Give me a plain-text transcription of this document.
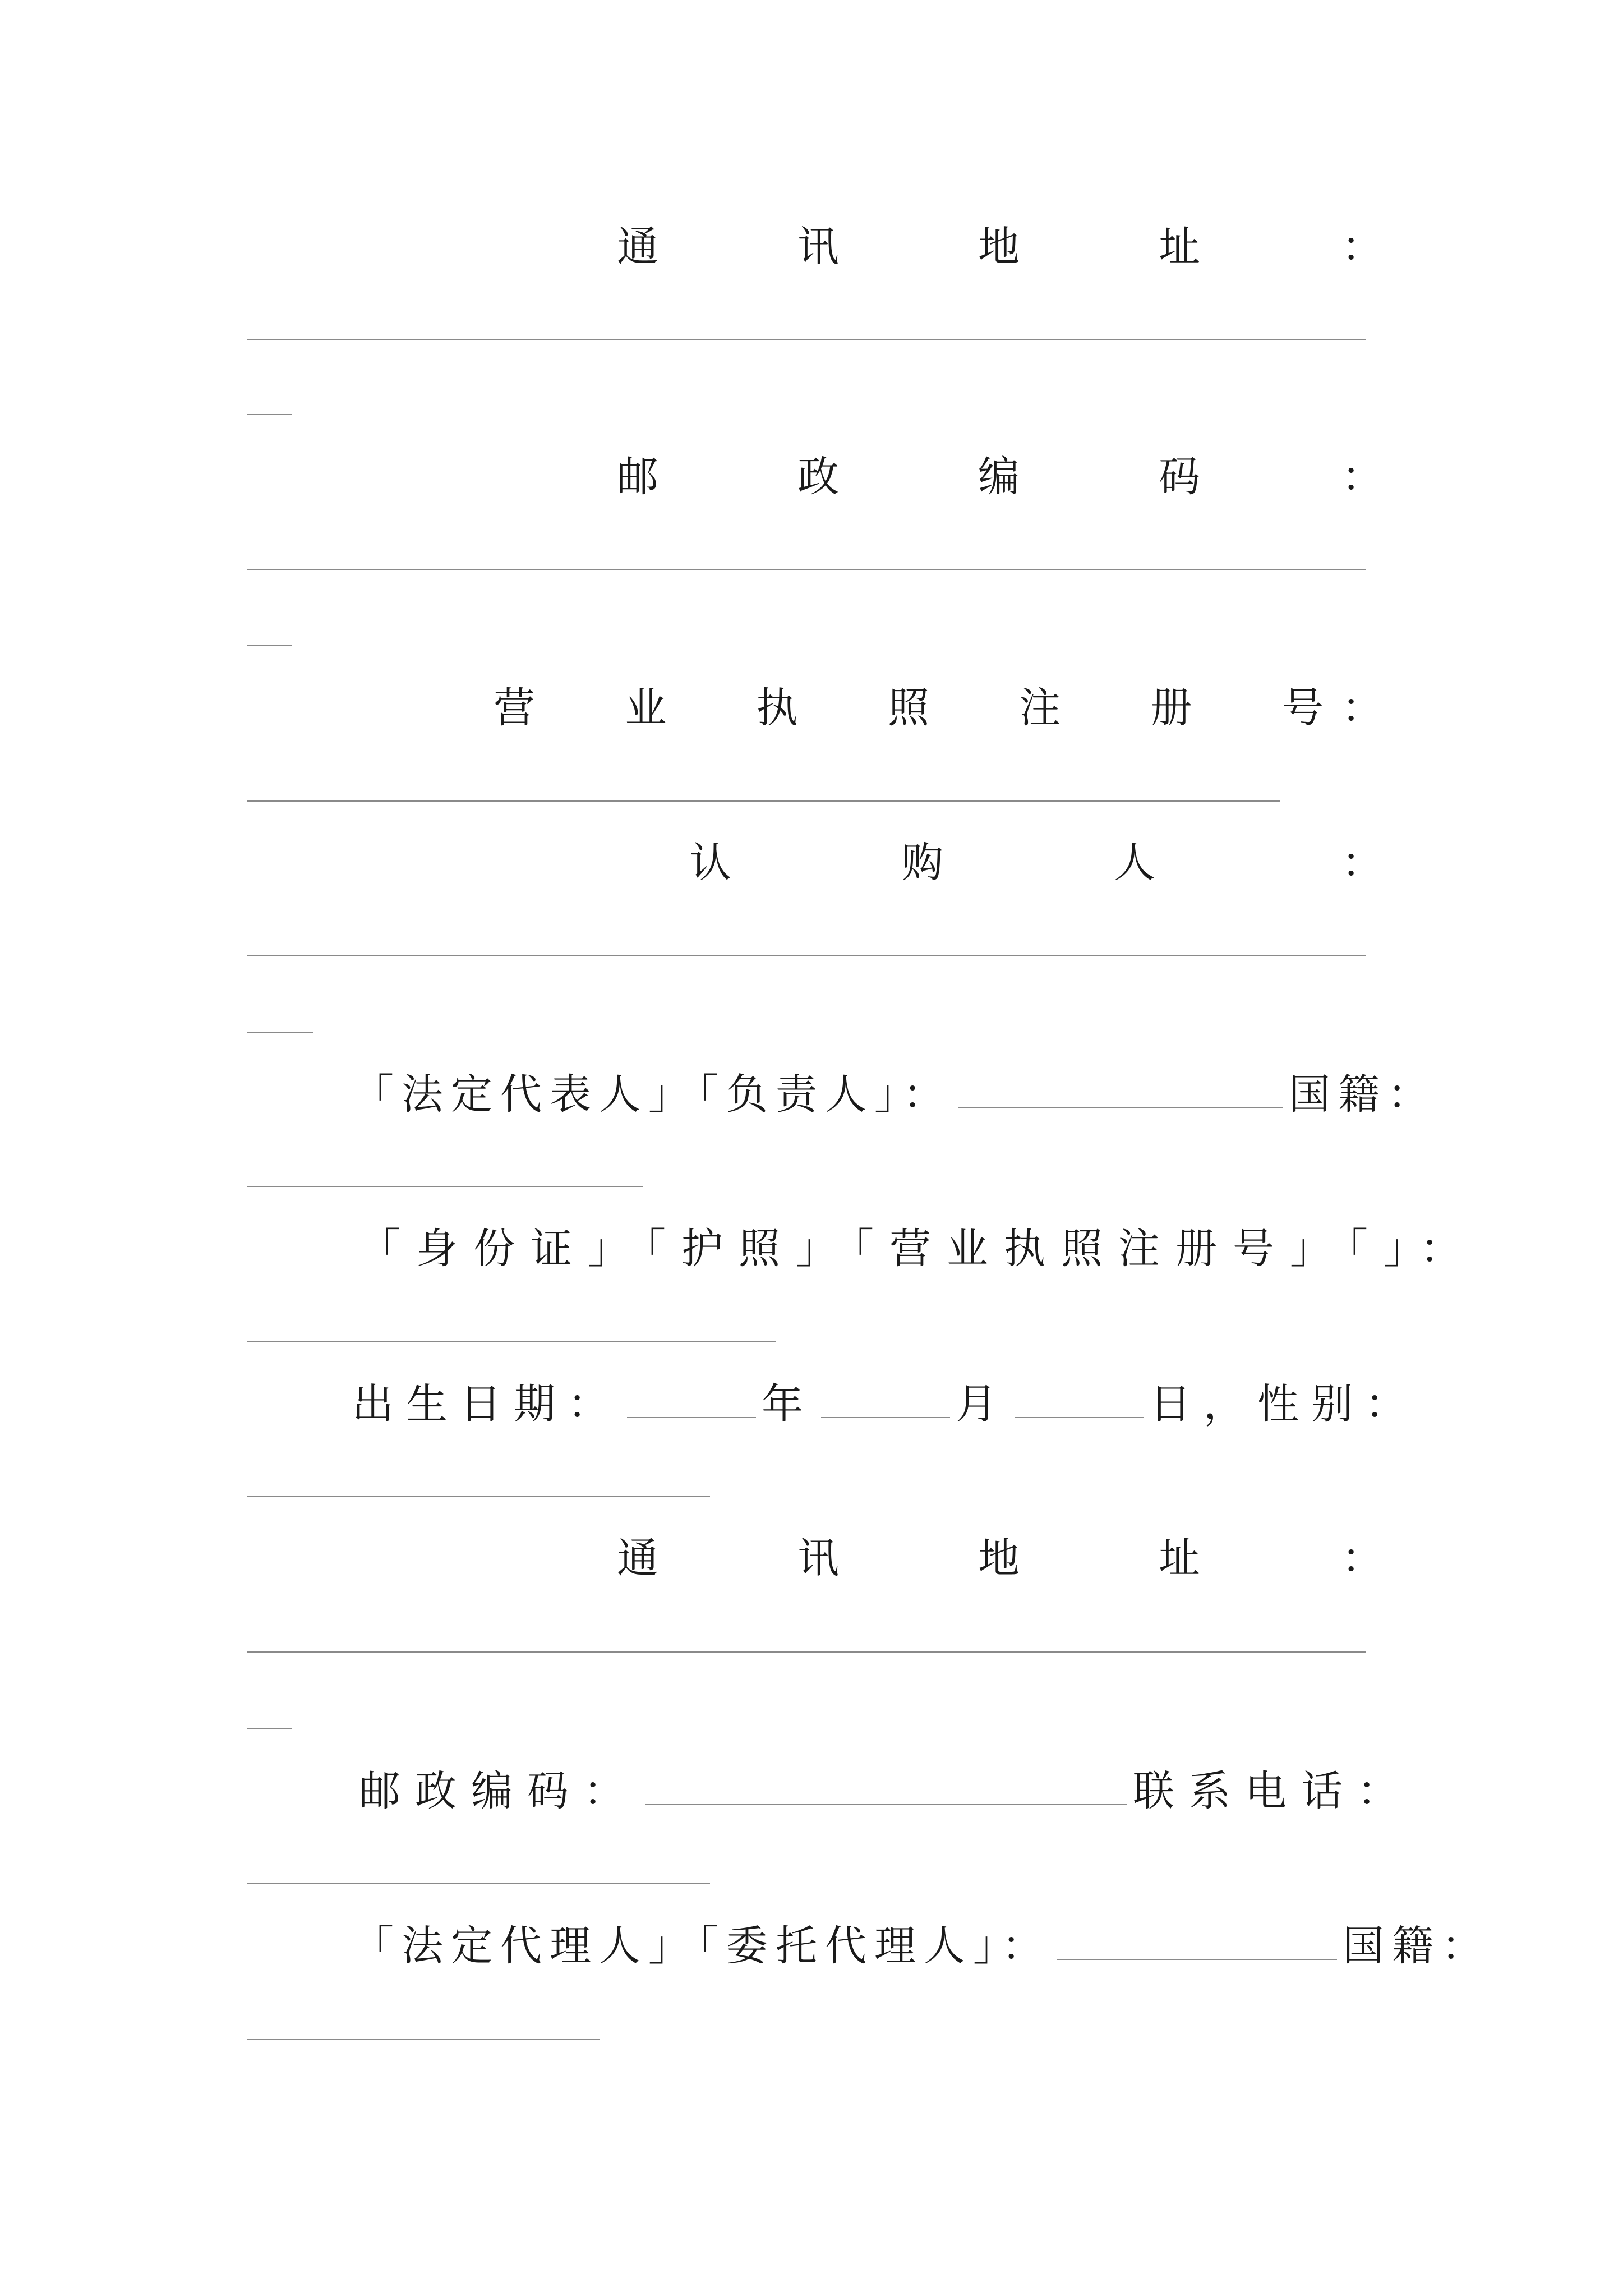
通	讯	地	址	：
邮	政	编	码	：
营 业 执 照 注 册 号 ：
认	购	人	：
「法定代表人」「负责人」：	国籍：
「身份证」「护照」「营业执照注册号」「」：
出生日期：	年	月	日，性别：
通	讯	地	址	：
邮政编码：	联系电话：
「法定代理人」「委托代理人」：	国籍：
